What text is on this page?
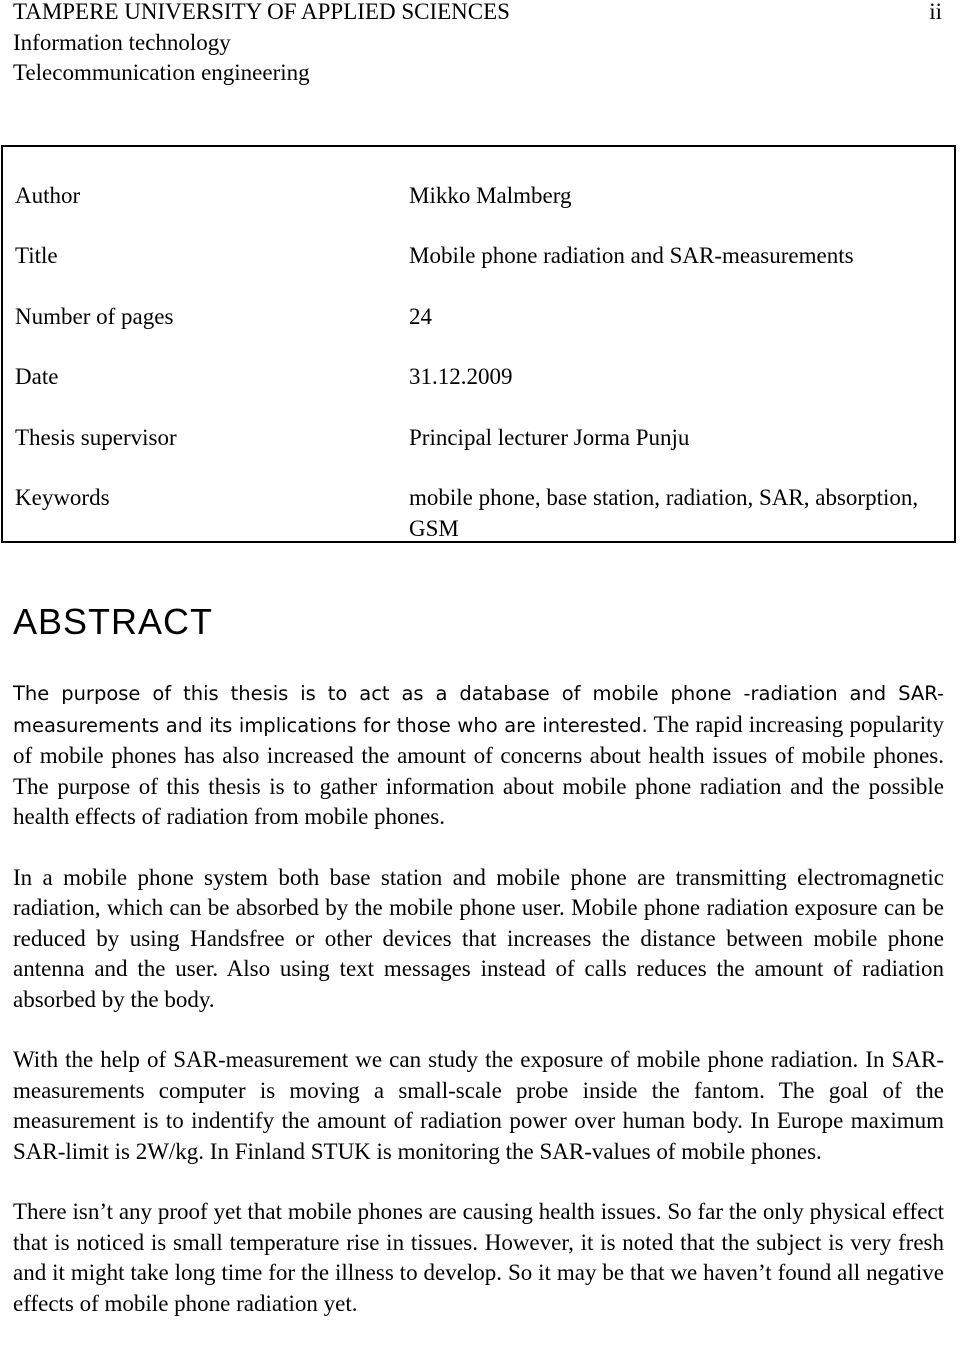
TAMPERE UNIVERSITY OF APPLIED SCIENCES
Information technology
Telecommunication engineering
ii
Author	Mikko Malmberg
Title	Mobile phone radiation and SAR-measurements
Number of pages	24
Date	31.12.2009
Thesis supervisor	Principal lecturer Jorma Punju
Keywords	mobile phone, base station, radiation, SAR, absorption, GSM
ABSTRACT

The purpose of this thesis is to act as a database of mobile phone -radiation and SAR-measurements and its implications for those who are interested. The rapid increasing popularity of mobile phones has also increased the amount of concerns about health issues of mobile phones. The purpose of this thesis is to gather information about mobile phone radiation and the possible health effects of radiation from mobile phones.

In a mobile phone system both base station and mobile phone are transmitting electromagnetic radiation, which can be absorbed by the mobile phone user. Mobile phone radiation exposure can be reduced by using Handsfree or other devices that increases the distance between mobile phone antenna and the user. Also using text messages instead of calls reduces the amount of radiation absorbed by the body.

With the help of SAR-measurement we can study the exposure of mobile phone radiation. In SAR-measurements computer is moving a small-scale probe inside the fantom. The goal of the measurement is to indentify the amount of radiation power over human body. In Europe maximum SAR-limit is 2W/kg. In Finland STUK is monitoring the SAR-values of mobile phones.

There isn’t any proof yet that mobile phones are causing health issues. So far the only physical effect that is noticed is small temperature rise in tissues. However, it is noted that the subject is very fresh and it might take long time for the illness to develop. So it may be that we haven’t found all negative effects of mobile phone radiation yet.
